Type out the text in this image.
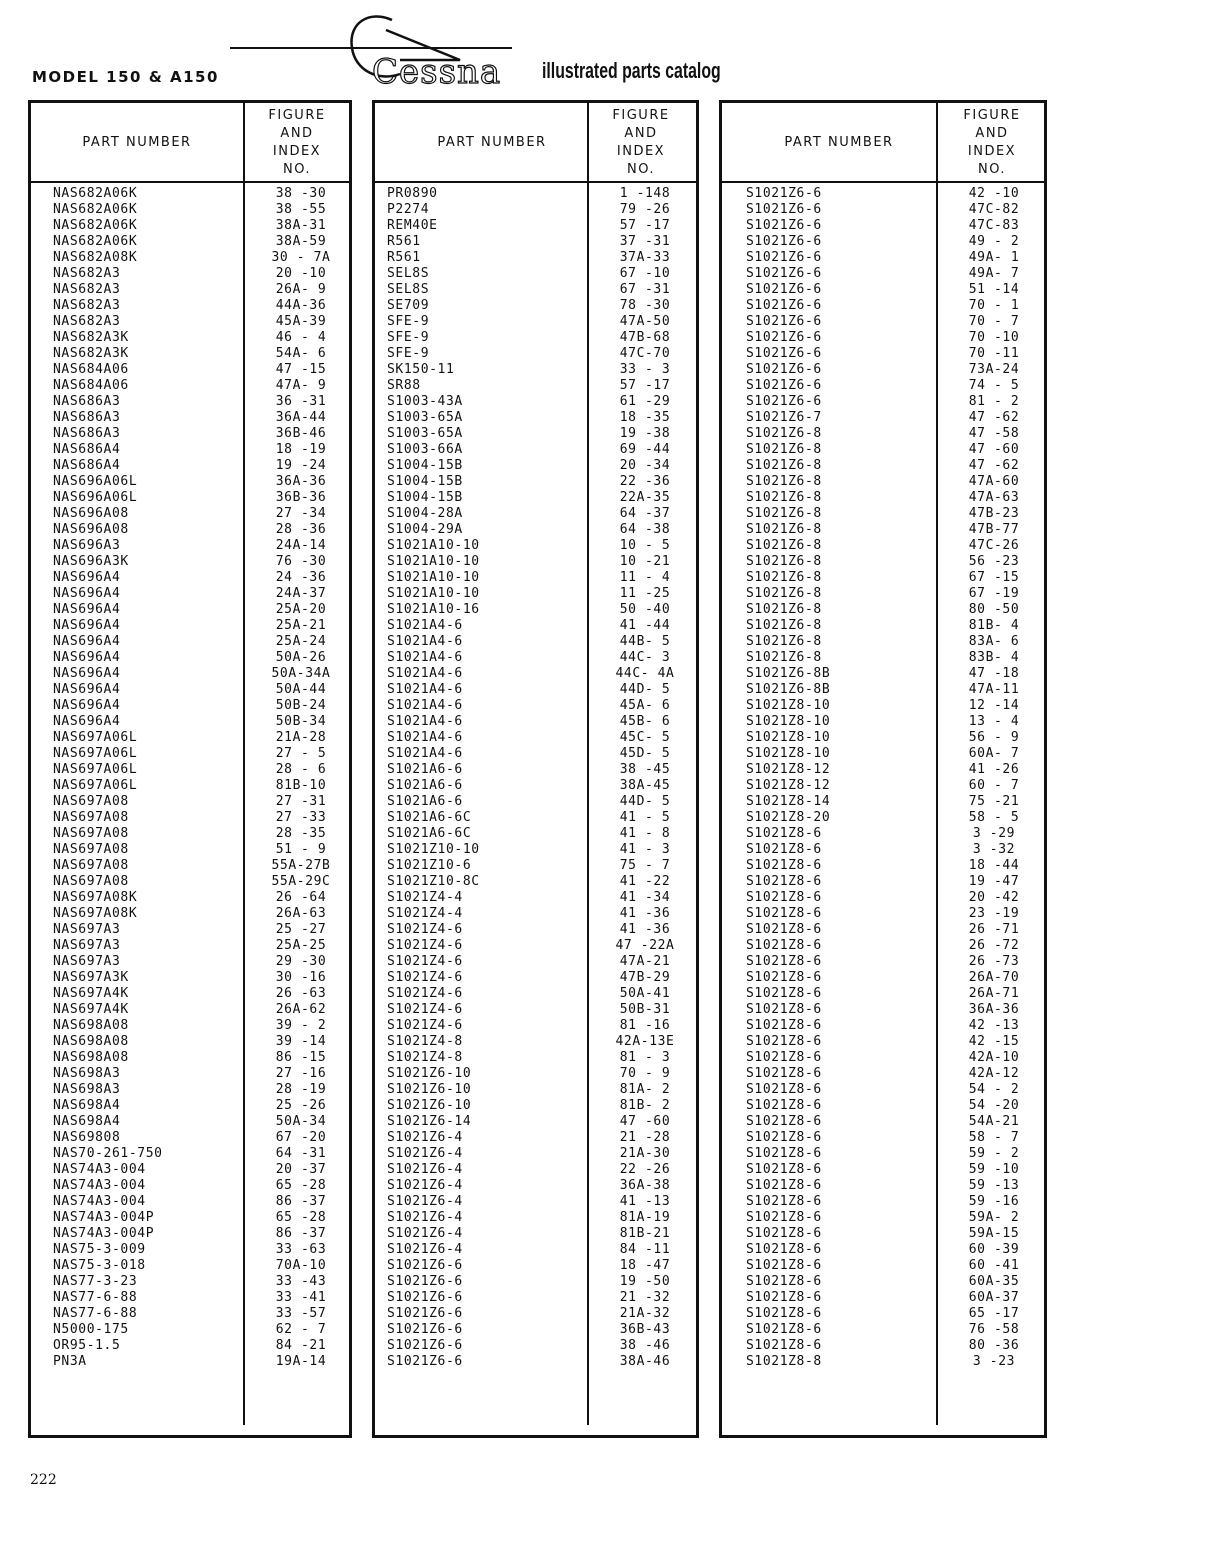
MODEL 150 & A150	Cessna illustrated parts catalog
PART NUMBER
FIGURE
AND
INDEX
NO.
NAS682A06K	38 -30
NAS682A06K	38 -55
NAS682A06K	38A-31
NAS682A06K	38A-59
NAS682A08K	30 - 7A
NAS682A3	20 -10
NAS682A3	26A- 9
NAS682A3	44A-36
NAS682A3	45A-39
NAS682A3K	46 - 4
NAS682A3K	54A- 6
NAS684A06	47 -15
NAS684A06	47A- 9
NAS686A3	36 -31
NAS686A3	36A-44
NAS686A3	36B-46
NAS686A4	18 -19
NAS686A4	19 -24
NAS696A06L	36A-36
NAS696A06L	36B-36
NAS696A08	27 -34
NAS696A08	28 -36
NAS696A3	24A-14
NAS696A3K	76 -30
NAS696A4	24 -36
NAS696A4	24A-37
NAS696A4	25A-20
NAS696A4	25A-21
NAS696A4	25A-24
NAS696A4	50A-26
NAS696A4	50A-34A
NAS696A4	50A-44
NAS696A4	50B-24
NAS696A4	50B-34
NAS697A06L	21A-28
NAS697A06L	27 - 5
NAS697A06L	28 - 6
NAS697A06L	81B-10
NAS697A08	27 -31
NAS697A08	27 -33
NAS697A08	28 -35
NAS697A08	51 - 9
NAS697A08	55A-27B
NAS697A08	55A-29C
NAS697A08K	26 -64
NAS697A08K	26A-63
NAS697A3	25 -27
NAS697A3	25A-25
NAS697A3	29 -30
NAS697A3K	30 -16
NAS697A4K	26 -63
NAS697A4K	26A-62
NAS698A08	39 - 2
NAS698A08	39 -14
NAS698A08	86 -15
NAS698A3	27 -16
NAS698A3	28 -19
NAS698A4	25 -26
NAS698A4	50A-34
NAS69808	67 -20
NAS70-261-750	64 -31
NAS74A3-004	20 -37
NAS74A3-004	65 -28
NAS74A3-004	86 -37
NAS74A3-004P	65 -28
NAS74A3-004P	86 -37
NAS75-3-009	33 -63
NAS75-3-018	70A-10
NAS77-3-23	33 -43
NAS77-6-88	33 -41
NAS77-6-88	33 -57
N5000-175	62 - 7
OR95-1.5	84 -21
PN3A	19A-14
PART NUMBER
FIGURE
AND
INDEX
NO.
PR0890	1 -148
P2274	79 -26
REM40E	57 -17
R561	37 -31
R561	37A-33
SEL8S	67 -10
SEL8S	67 -31
SE709	78 -30
SFE-9	47A-50
SFE-9	47B-68
SFE-9	47C-70
SK150-11	33 - 3
SR88	57 -17
S1003-43A	61 -29
S1003-65A	18 -35
S1003-65A	19 -38
S1003-66A	69 -44
S1004-15B	20 -34
S1004-15B	22 -36
S1004-15B	22A-35
S1004-28A	64 -37
S1004-29A	64 -38
S1021A10-10	10 - 5
S1021A10-10	10 -21
S1021A10-10	11 - 4
S1021A10-10	11 -25
S1021A10-16	50 -40
S1021A4-6	41 -44
S1021A4-6	44B- 5
S1021A4-6	44C- 3
S1021A4-6	44C- 4A
S1021A4-6	44D- 5
S1021A4-6	45A- 6
S1021A4-6	45B- 6
S1021A4-6	45C- 5
S1021A4-6	45D- 5
S1021A6-6	38 -45
S1021A6-6	38A-45
S1021A6-6	44D- 5
S1021A6-6C	41 - 5
S1021A6-6C	41 - 8
S1021Z10-10	41 - 3
S1021Z10-6	75 - 7
S1021Z10-8C	41 -22
S1021Z4-4	41 -34
S1021Z4-4	41 -36
S1021Z4-6	41 -36
S1021Z4-6	47 -22A
S1021Z4-6	47A-21
S1021Z4-6	47B-29
S1021Z4-6	50A-41
S1021Z4-6	50B-31
S1021Z4-6	81 -16
S1021Z4-8	42A-13E
S1021Z4-8	81 - 3
S1021Z6-10	70 - 9
S1021Z6-10	81A- 2
S1021Z6-10	81B- 2
S1021Z6-14	47 -60
S1021Z6-4	21 -28
S1021Z6-4	21A-30
S1021Z6-4	22 -26
S1021Z6-4	36A-38
S1021Z6-4	41 -13
S1021Z6-4	81A-19
S1021Z6-4	81B-21
S1021Z6-4	84 -11
S1021Z6-6	18 -47
S1021Z6-6	19 -50
S1021Z6-6	21 -32
S1021Z6-6	21A-32
S1021Z6-6	36B-43
S1021Z6-6	38 -46
S1021Z6-6	38A-46
PART NUMBER
FIGURE
AND
INDEX
NO.
S1021Z6-6	42 -10
S1021Z6-6	47C-82
S1021Z6-6	47C-83
S1021Z6-6	49 - 2
S1021Z6-6	49A- 1
S1021Z6-6	49A- 7
S1021Z6-6	51 -14
S1021Z6-6	70 - 1
S1021Z6-6	70 - 7
S1021Z6-6	70 -10
S1021Z6-6	70 -11
S1021Z6-6	73A-24
S1021Z6-6	74 - 5
S1021Z6-6	81 - 2
S1021Z6-7	47 -62
S1021Z6-8	47 -58
S1021Z6-8	47 -60
S1021Z6-8	47 -62
S1021Z6-8	47A-60
S1021Z6-8	47A-63
S1021Z6-8	47B-23
S1021Z6-8	47B-77
S1021Z6-8	47C-26
S1021Z6-8	56 -23
S1021Z6-8	67 -15
S1021Z6-8	67 -19
S1021Z6-8	80 -50
S1021Z6-8	81B- 4
S1021Z6-8	83A- 6
S1021Z6-8	83B- 4
S1021Z6-8B	47 -18
S1021Z6-8B	47A-11
S1021Z8-10	12 -14
S1021Z8-10	13 - 4
S1021Z8-10	56 - 9
S1021Z8-10	60A- 7
S1021Z8-12	41 -26
S1021Z8-12	60 - 7
S1021Z8-14	75 -21
S1021Z8-20	58 - 5
S1021Z8-6	3 -29
S1021Z8-6	3 -32
S1021Z8-6	18 -44
S1021Z8-6	19 -47
S1021Z8-6	20 -42
S1021Z8-6	23 -19
S1021Z8-6	26 -71
S1021Z8-6	26 -72
S1021Z8-6	26 -73
S1021Z8-6	26A-70
S1021Z8-6	26A-71
S1021Z8-6	36A-36
S1021Z8-6	42 -13
S1021Z8-6	42 -15
S1021Z8-6	42A-10
S1021Z8-6	42A-12
S1021Z8-6	54 - 2
S1021Z8-6	54 -20
S1021Z8-6	54A-21
S1021Z8-6	58 - 7
S1021Z8-6	59 - 2
S1021Z8-6	59 -10
S1021Z8-6	59 -13
S1021Z8-6	59 -16
S1021Z8-6	59A- 2
S1021Z8-6	59A-15
S1021Z8-6	60 -39
S1021Z8-6	60 -41
S1021Z8-6	60A-35
S1021Z8-6	60A-37
S1021Z8-6	65 -17
S1021Z8-6	76 -58
S1021Z8-6	80 -36
S1021Z8-8	3 -23
222
